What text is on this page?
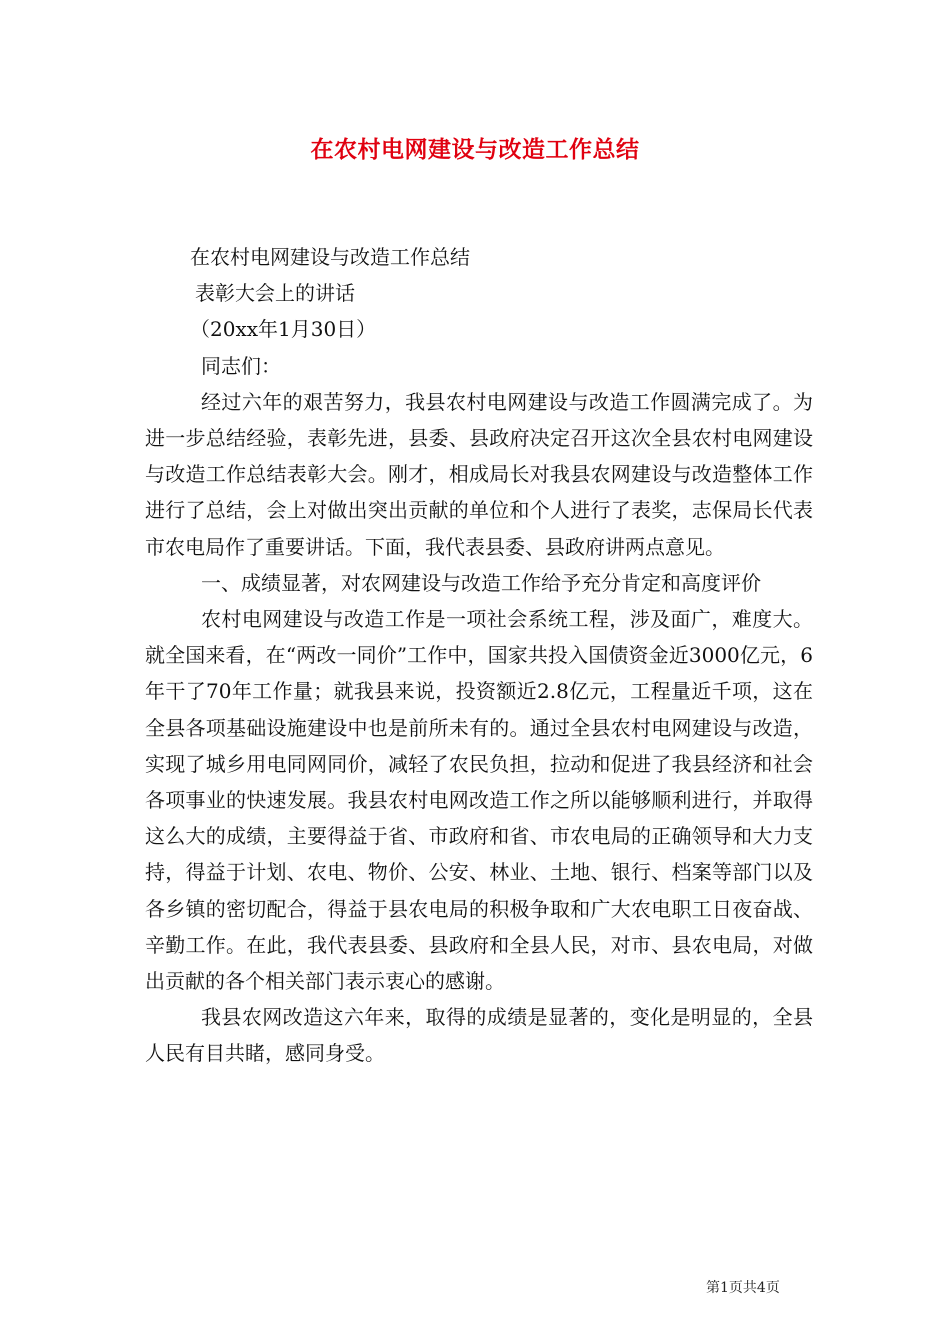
在农村电网建设与改造工作总结
在农村电网建设与改造工作总结
表彰大会上的讲话
（20xx年1月30日）
同志们：
经过六年的艰苦努力，我县农村电网建设与改造工作圆满完成了。为进一步总结经验，表彰先进，县委、县政府决定召开这次全县农村电网建设与改造工作总结表彰大会。刚才，相成局长对我县农网建设与改造整体工作进行了总结，会上对做出突出贡献的单位和个人进行了表奖，志保局长代表市农电局作了重要讲话。下面，我代表县委、县政府讲两点意见。
一、成绩显著，对农网建设与改造工作给予充分肯定和高度评价
农村电网建设与改造工作是一项社会系统工程，涉及面广，难度大。就全国来看，在“两改一同价”工作中，国家共投入国债资金近3000亿元，6年干了70年工作量；就我县来说，投资额近2.8亿元，工程量近千项，这在全县各项基础设施建设中也是前所未有的。通过全县农村电网建设与改造，实现了城乡用电同网同价，减轻了农民负担，拉动和促进了我县经济和社会各项事业的快速发展。我县农村电网改造工作之所以能够顺利进行，并取得这么大的成绩，主要得益于省、市政府和省、市农电局的正确领导和大力支持，得益于计划、农电、物价、公安、林业、土地、银行、档案等部门以及各乡镇的密切配合，得益于县农电局的积极争取和广大农电职工日夜奋战、辛勤工作。在此，我代表县委、县政府和全县人民，对市、县农电局，对做出贡献的各个相关部门表示衷心的感谢。
我县农网改造这六年来，取得的成绩是显著的，变化是明显的，全县人民有目共睹，感同身受。
第1页共4页
